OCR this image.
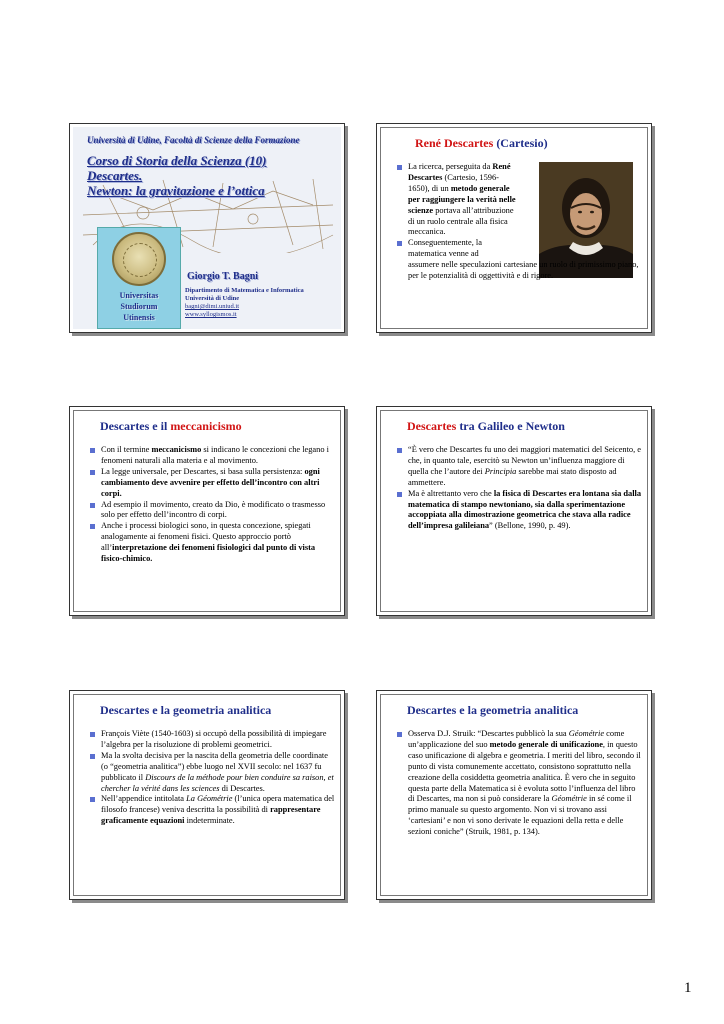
Università di Udine, Facoltà di Scienze della Formazione
Corso di Storia della Scienza (10)
Descartes.
Newton: la gravitazione e l’ottica
Universitas
Studiorum
Utinensis
Giorgio T. Bagni
Dipartimento di Matematica e Informatica
Università di Udine
bagni@dimi.uniud.it
www.syllogismos.it
René Descartes (Cartesio)
La ricerca, perseguita da René Descartes (Cartesio, 1596-1650), di un metodo generale per raggiungere la verità nelle scienze portava all’attribuzione di un ruolo centrale alla fisica meccanica.
Conseguentemente, la matematica venne ad
assumere nelle speculazioni cartesiane un ruolo di primissimo piano, per le potenzialità di oggettività e di rigore.
Descartes e il meccanicismo
Con il termine meccanicismo si indicano le concezioni che legano i fenomeni naturali alla materia e al movimento.
La legge universale, per Descartes, si basa sulla persistenza: ogni cambiamento deve avvenire per effetto dell’incontro con altri corpi.
Ad esempio il movimento, creato da Dio, è modificato o trasmesso solo per effetto dell’incontro di corpi.
Anche i processi biologici sono, in questa concezione, spiegati analogamente ai fenomeni fisici. Questo approccio portò all’interpretazione dei fenomeni fisiologici dal punto di vista fisico-chimico.
Descartes tra Galileo e Newton
“È vero che Descartes fu uno dei maggiori matematici del Seicento, e che, in quanto tale, esercitò su Newton un’influenza maggiore di quella che l’autore dei Principia sarebbe mai stato disposto ad ammettere.
Ma è altrettanto vero che la fisica di Descartes era lontana sia dalla matematica di stampo newtoniano, sia dalla sperimentazione accoppiata alla dimostrazione geometrica che stava alla radice dell’impresa galileiana” (Bellone, 1990, p. 49).
Descartes e la geometria analitica
François Viète (1540-1603) si occupò della possibilità di impiegare l’algebra per la risoluzione di problemi geometrici.
Ma la svolta decisiva per la nascita della geometria delle coordinate (o “geometria analitica”) ebbe luogo nel XVII secolo: nel 1637 fu pubblicato il Discours de la méthode pour bien conduire sa raison, et chercher la vérité dans les sciences di Descartes.
Nell’appendice intitolata La Géométrie (l’unica opera matematica del filosofo francese) veniva descritta la possibilità di rappresentare graficamente equazioni indeterminate.
Descartes e la geometria analitica
Osserva D.J. Struik: “Descartes pubblicò la sua Géométrie come un’applicazione del suo metodo generale di unificazione, in questo caso unificazione di algebra e geometria. I meriti del libro, secondo il punto di vista comunemente accettato, consistono soprattutto nella creazione della cosiddetta geometria analitica. È vero che in seguito questa parte della Matematica si è evoluta sotto l’influenza del libro di Descartes, ma non si può considerare la Géométrie in sé come il primo manuale su questo argomento. Non vi si trovano assi ‘cartesiani’ e non vi sono derivate le equazioni della retta e delle sezioni coniche” (Struik, 1981, p. 134).
1
